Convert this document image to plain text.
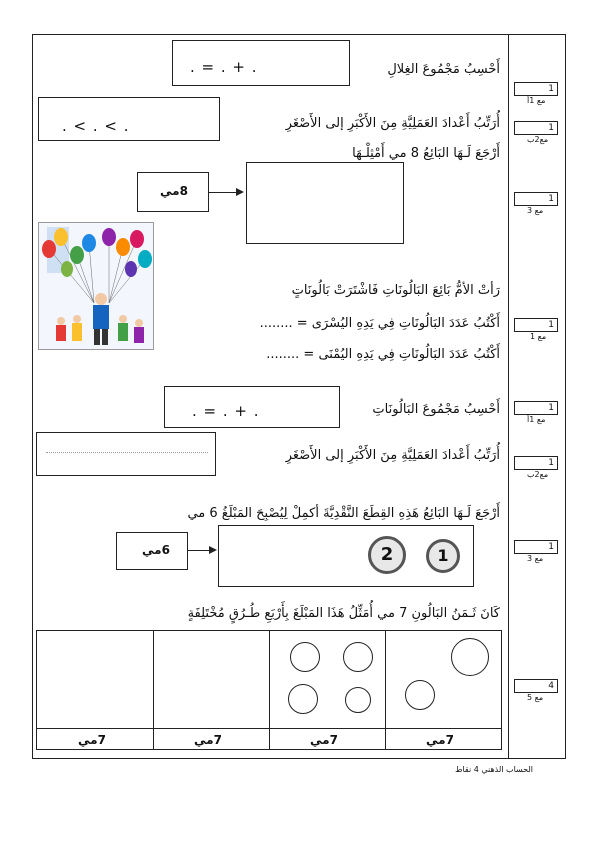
. = . + .	أَحْسِبُ مَجْمُوعَ الغِلالِ
. < . < .	أُرَتِّبُ أَعْدادَ العَمَلِيَّةِ مِنَ الأَكْبَرِ إلى الأَصْغَرِ
أَرْجَعَ لَـهَا البَائِعُ 8 مي أَمْثِلْـهَا
8مي
رَأتْ الأمُّ بَائِعَ البَالُونَاتِ فَاشْتَرَتْ بَالُونَاتٍ
أَكْتُبُ عَدَدَ البَالُونَاتِ فِي يَدِهِ اليُسْرَى = ........
أَكْتُبُ عَدَدَ البَالُونَاتِ فِي يَدِهِ اليُمْنَى = ........
. = . + .	أَحْسِبُ مَجْمُوعَ البَالُونَاتِ
أُرَتِّبُ أَعْدادَ العَمَلِيَّةِ مِنَ الأَكْبَرِ إلى الأَصْغَرِ
أَرْجَعَ لَـهَا البَائِعُ هَذِهِ القِطَعَ النَّقْدِيَّةَ أكمِلْ لِيُصْبِحَ المَبْلَغُ 6 مي
6مي	2	1
كَانَ ثَـمَنُ البَالُونِ 7 مي أُمَثِّلُ هَذَا المَبْلَغَ بِأَرْبَعِ طُـرُقٍ مُخْتَلِفَةٍ
7مي	7مي	7مي	7مي
1
مع 1أ
1
مع2ب
1
مع 3
1
مع 1
1
مع 1أ
1
مع2ب
1
مع 3
4
مع 5
الحساب الذهني 4 نقاط
